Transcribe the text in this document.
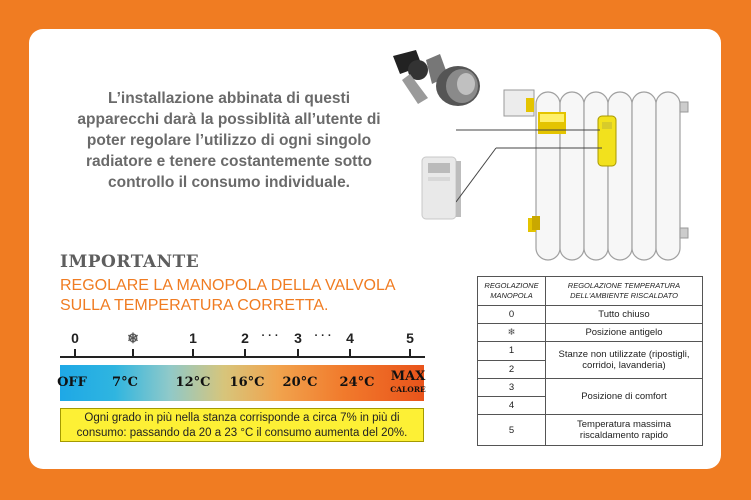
L’installazione abbinata di questi apparecchi darà la possiblità all’utente di poter regolare l’utilizzo di ogni singolo radiatore e tenere costantemente sotto controllo il consumo individuale.
IMPORTANTE
REGOLARE LA MANOPOLA DELLA VALVOLA SULLA TEMPERATURA CORRETTA.
0	❄	1	2 · · · 3 · · · 4	5
OFF 7°C	12°C 16°C 20°C 24°C MAX
CALORE
Ogni grado in più nella stanza corrisponde a circa 7% in più di consumo: passando da 20 a 23 °C il consumo aumenta del 20%.
REGOLAZIONE MANOPOLA	REGOLAZIONE TEMPERATURA DELL'AMBIENTE RISCALDATO
0	Tutto chiuso
❄	Posizione antigelo
1	Stanze non utilizzate (ripostigli, corridoi, lavanderia)
2	
3	Posizione di comfort
4	
5	Temperatura massima riscaldamento rapido
